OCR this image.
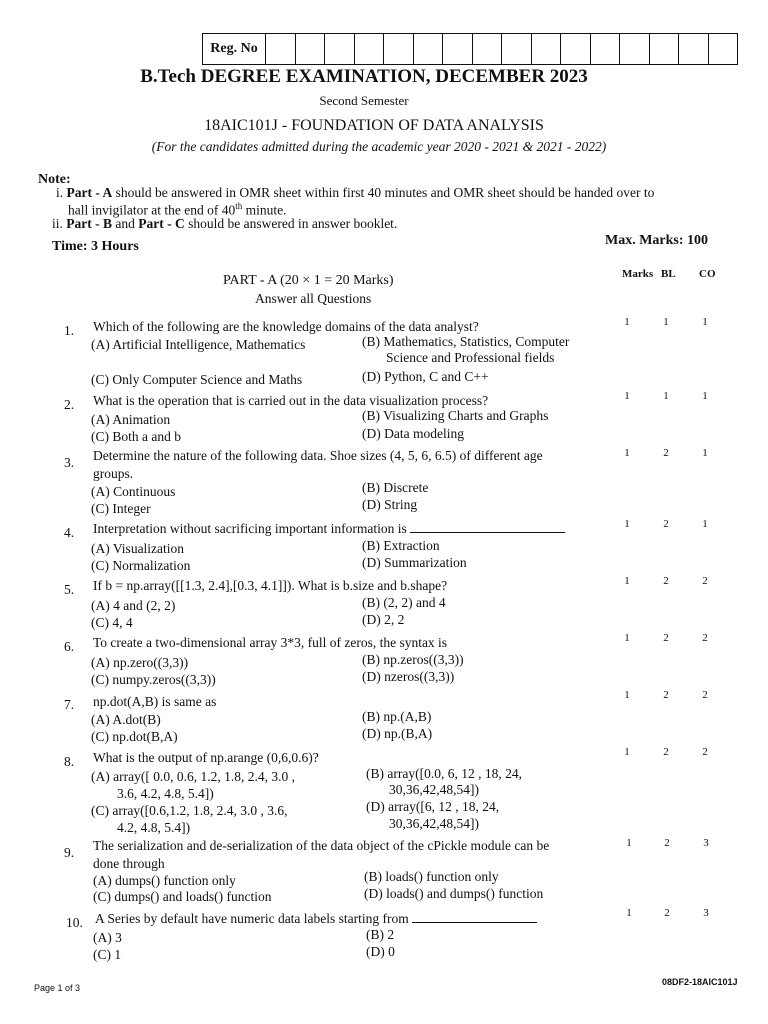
Reg. No
B.Tech DEGREE EXAMINATION, DECEMBER 2023
Second Semester
18AIC101J - FOUNDATION OF DATA ANALYSIS
(For the candidates admitted during the academic year 2020 - 2021 & 2021 - 2022)
Note:
i. Part - A should be answered in OMR sheet within first 40 minutes and OMR sheet should be handed over to
hall invigilator at the end of 40th minute.
ii. Part - B and Part - C should be answered in answer booklet.
Time: 3 Hours	Max. Marks: 100
PART - A (20 × 1 = 20 Marks)
Answer all Questions
Marks BL CO
1. Which of the following are the knowledge domains of the data analyst?
(A) Artificial Intelligence, Mathematics	(B) Mathematics, Statistics, Computer
Science and Professional fields
(C) Only Computer Science and Maths	(D) Python, C and C++
1	1	1
2. What is the operation that is carried out in the data visualization process?
(A) Animation	(B) Visualizing Charts and Graphs
(C) Both a and b	(D) Data modeling
1	1	1
3. Determine the nature of the following data. Shoe sizes (4, 5, 6, 6.5) of different age
groups.
(A) Continuous	(B) Discrete
(C) Integer	(D) String
1	2	1
4. Interpretation without sacrificing important information is
(A) Visualization	(B) Extraction
(C) Normalization	(D) Summarization
1	2	1
5. If b = np.array([[1.3, 2.4],[0.3, 4.1]]). What is b.size and b.shape?
(A) 4 and (2, 2)	(B) (2, 2) and 4
(C) 4, 4	(D) 2, 2
1	2	2
6. To create a two-dimensional array 3*3, full of zeros, the syntax is
(A) np.zero((3,3))	(B) np.zeros((3,3))
(C) numpy.zeros((3,3))	(D) nzeros((3,3))
1	2	2
7. np.dot(A,B) is same as
(A) A.dot(B)	(B) np.(A,B)
(C) np.dot(B,A)	(D) np.(B,A)
1	2	2
8. What is the output of np.arange (0,6,0.6)?
(A) array([ 0.0, 0.6, 1.2, 1.8, 2.4, 3.0 ,
3.6, 4.2, 4.8, 5.4])
(B) array([0.0, 6, 12 , 18, 24,
30,36,42,48,54])
(C) array([0.6,1.2, 1.8, 2.4, 3.0 , 3.6,
4.2, 4.8, 5.4])
(D) array([6, 12 , 18, 24,
30,36,42,48,54])
1	2	2
9. The serialization and de-serialization of the data object of the cPickle module can be
done through
(A) dumps() function only	(B) loads() function only
(C) dumps() and loads() function	(D) loads() and dumps() function
1	2	3
10. A Series by default have numeric data labels starting from
(A) 3	(B) 2
(C) 1	(D) 0
1	2	3
Page 1 of 3
08DF2-18AIC101J
